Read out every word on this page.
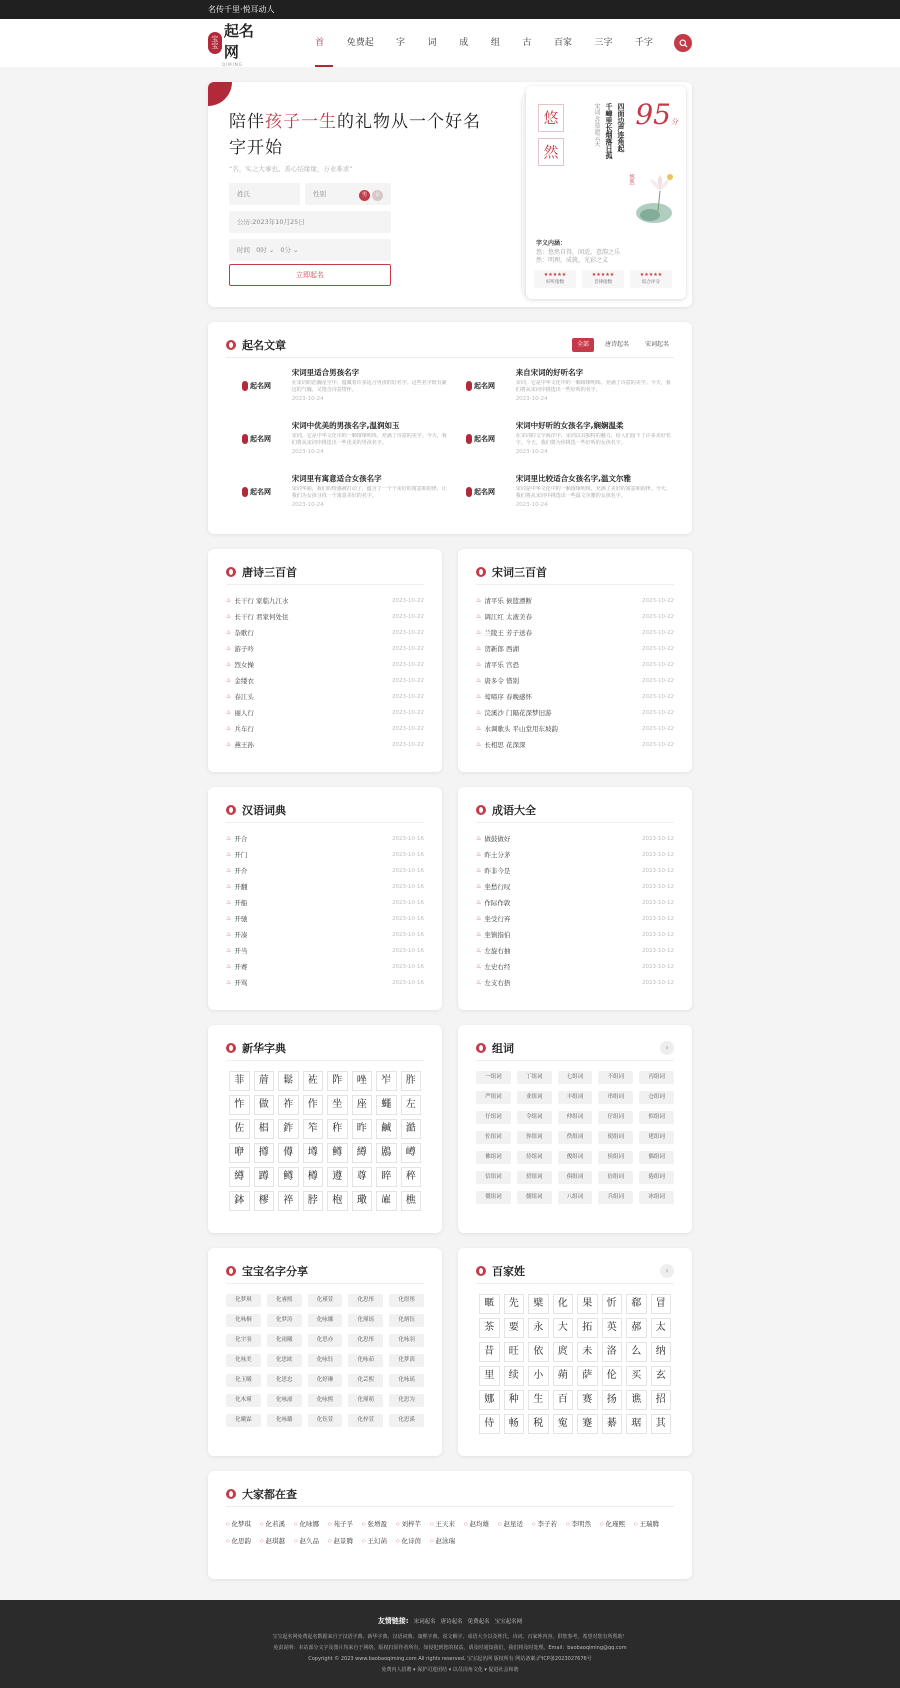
名传千里·悦耳动人
宝宝
起名网
QIMING
首	免费起	字	词	成	组	古	百家	三字	千字
陪伴孩子一生的礼物从一个好名字开始
“名，实之大事也。善心结缘缘，万业难求”
姓氏	性别	男 女
公历:2023年10月25日
时间 0时 ⌄ 0分 ⌄
立即起名
悠
然	四面边声连角起
千嶂里长烟落日孤
宋词·苏慕遮云天
悠然
95分
字义内涵：
悠：悠然自得，闲适，意韵之乐
然：明理，成就，光彩之义
★★★★★
好听指数
★★★★★
音律指数
★★★★★
综合评分
起名文章	全部	唐诗起名	宋词起名
起名网
宋词里适合男孩名字
在宋词的浩瀚星空中，蕴藏着许多适合男孩的好名字。这些名字既有豪迈的气魄，又饱含诗意情怀。
2023-10-24
起名网
来自宋词的好听名字
宋词，它是中华文化中的一颗璀璨明珠，充满了诗意的美学。今天，我们将从宋词中挑选出一些好听的名字。
2023-10-24
起名网
宋词中优美的男孩名字,温润如玉
宋词，它是中华文化中的一颗璀璨明珠，充满了诗意的美学。今天，我们将从宋词中挑选出一些优美的男孩名字。
2023-10-24
起名网
宋词中好听的女孩名字,娴娴温柔
在宋词的文学海洋中，宋词以其独特的魅力，给人们留下了许多美好名字。今天，我们将为你挑选一些好听的女孩名字。
2023-10-24
起名网
宋词里有寓意适合女孩名字
宋词华丽，我们的情感被打动了，蕴含了一个个美好的寓意和韵律，让我们为女孩寻找一个寓意美好的名字。
2023-10-24
起名网
宋词里比较适合女孩名字,温文尔雅
宋词是中华文化中的一颗璀璨明珠，充满了美好的寓意和韵律。今天，我们将从宋词中挑选出一些温文尔雅的女孩名字。
2023-10-24
唐诗三百首
♨ 长干行 家临九江水	2023-10-22
♨ 长干行 君家何处住	2023-10-22
♨ 杂歌行	2023-10-22
♨ 游子吟	2023-10-22
♨ 烈女操	2023-10-22
♨ 金缕衣	2023-10-22
♨ 春江头	2023-10-22
♨ 丽人行	2023-10-22
♨ 兵车行	2023-10-22
♨ 燕王孙	2023-10-22
宋词三百首
♨ 清平乐 候篮漂断	2023-10-22
♨ 调江红 太液美春	2023-10-22
♨ 兰陵王 芳子送春	2023-10-22
♨ 贺新郎 西湖	2023-10-22
♨ 清平乐 宫恐	2023-10-22
♨ 唐多令 惜别	2023-10-22
♨ 莺啼序 春晚感怀	2023-10-22
♨ 浣溪沙 门隔花深梦旧游	2023-10-22
♨ 水调歌头 平山堂用东坡韵	2023-10-22
♨ 长相思 花深深	2023-10-22
汉语词典
♨ 开合	2023-10-16
♨ 开门	2023-10-16
♨ 开介	2023-10-16
♨ 开翻	2023-10-16
♨ 开船	2023-10-16
♨ 开驰	2023-10-16
♨ 开凑	2023-10-16
♨ 开当	2023-10-16
♨ 开赛	2023-10-16
♨ 开骂	2023-10-16
成语大全
♨ 做鼓做好	2023-10-12
♨ 昨土分茅	2023-10-12
♨ 昨非今是	2023-10-12
♨ 坐愁行叹	2023-10-12
♨ 作际作敦	2023-10-12
♨ 坐受行弃	2023-10-12
♨ 坐镇指伯	2023-10-12
♨ 左旋右抽	2023-10-12
♨ 左史右经	2023-10-12
♨ 左支右捂	2023-10-12
新华字典
菲	葿	鬆	袏	阼	唑	岝	胙
怍	做	祚	作	坐	座	蠅	左
佐	椙	鈼	笮	秨	昨	鹹	澔
咿	撙	僔	壿	鳟	繜	鶋	嶟
繜	蹲	鳟	樽	遵	尊	睟	稡
鉢	樛	祽	脖	枹	璥	嶉	樵
组词	›
一组词	丁组词	七组词	不组词	丙组词
严组词	业组词	丰组词	串组词	仓组词
仔组词	令组词	仲组词	仔组词	似组词
佐组词	你组词	佚组词	使组词	佬组词
佛组词	侍组词	俊组词	侯组词	偶组词
信组词	傍组词	俱组词	倍组词	倦组词
僵组词	儒组词	八组词	兵组词	冰组词
宝宝名字分享
化梦琪	化睿熙	化瑾萱	化思彤	化煜彤
化咏桐	化梦涛	化咏娜	化瑾瑶	化炳钰
化宇羽	化雨曦	化思亦	化思彤	化咏羽
化咏美	化思欧	化咏钰	化咏茹	化梦茵
化玉曦	化思忠	化婷琳	化芸熙	化咏瑶
化木瑾	化咏濠	化咏熙	化瑾萌	化思为
化曦霖	化咏璐	化钰萱	化梓萱	化思溪
百家姓	›
暱	先	檗	化	果	忻	郗	冒
茶	要	永	大	拓	英	郝	太
昔	旺	依	庹	未	洛	么	纳
里	续	小	蒴	萨	伦	买	玄
娜	种	生	百	赛	扬	谯	招
侍	畅	税	寃	蹇	綦	琚	其
大家都在查
○ 化梦琪	○ 化若溪	○ 化咏娜	○ 苑子孚	○ 张增盈	○ 刘梓芊	○ 王天来	○ 赵均雄	○ 赵星适	○ 李子若	○ 李明然	○ 化瑾熙	○ 王瑞腾
○ 化思韵	○ 赵琪越	○ 赵久品	○ 赵景腾	○ 王幻菡	○ 化诗茵	○ 赵泳瑞
友情链接: 宋词起名 唐诗起名 免费起名 宝宝起名网
宝宝起名网免费起名数据来自于汉语字典、新华字典、汉语词典、康熙字典、说文解字、成语大全以及姓氏、诗词、百家姓内容，供您参考，希望对您有所帮助！
免责说明：本站部分文字及图片均来自于网络，版权归原作者所有，如侵犯到您的权益，请及时通知我们，我们将及时处理。Email：baobaoqiming@qq.com
Copyright © 2023 www.baobaoqiming.com All rights reserved. 宝宝起名网 版权所有 网站备案:沪ICP备2023027676号
免费内人招聘 ▾ 保护司进团结 ▾ 以员岗角文化 ▾ 促进社会和谐
